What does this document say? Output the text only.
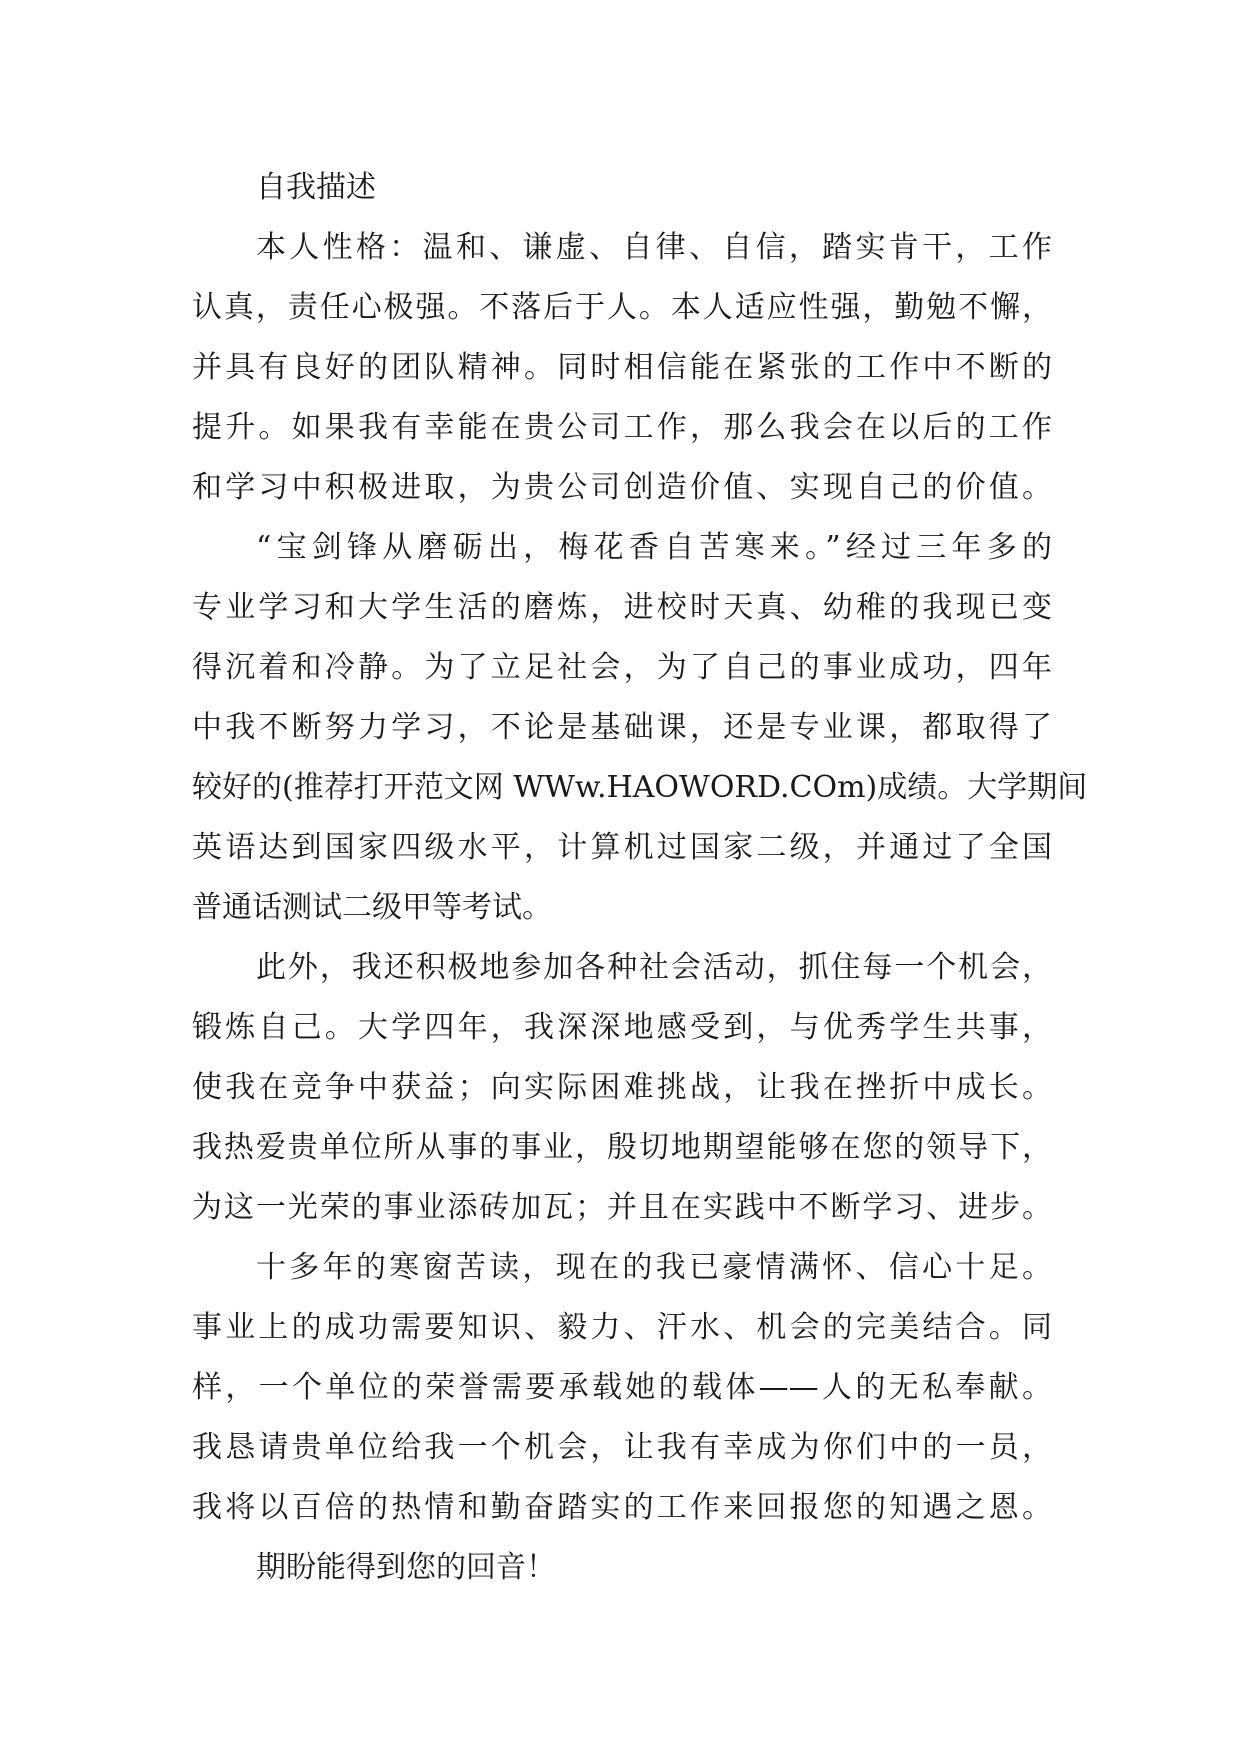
自我描述
本人性格：温和、谦虚、自律、自信，踏实肯干，工作
认真，责任心极强。不落后于人。本人适应性强，勤勉不懈，
并具有良好的团队精神。同时相信能在紧张的工作中不断的
提升。如果我有幸能在贵公司工作，那么我会在以后的工作
和学习中积极进取，为贵公司创造价值、实现自己的价值。
“宝剑锋从磨砺出，梅花香自苦寒来。”经过三年多的
专业学习和大学生活的磨炼，进校时天真、幼稚的我现已变
得沉着和冷静。为了立足社会，为了自己的事业成功，四年
中我不断努力学习，不论是基础课，还是专业课，都取得了
较好的(推荐打开范文网 WWw.HAOWORD.COm)成绩。大学期间
英语达到国家四级水平，计算机过国家二级，并通过了全国
普通话测试二级甲等考试。
此外，我还积极地参加各种社会活动，抓住每一个机会，
锻炼自己。大学四年，我深深地感受到，与优秀学生共事，
使我在竞争中获益；向实际困难挑战，让我在挫折中成长。
我热爱贵单位所从事的事业，殷切地期望能够在您的领导下，
为这一光荣的事业添砖加瓦；并且在实践中不断学习、进步。
十多年的寒窗苦读，现在的我已豪情满怀、信心十足。
事业上的成功需要知识、毅力、汗水、机会的完美结合。同
样，一个单位的荣誉需要承载她的载体——人的无私奉献。
我恳请贵单位给我一个机会，让我有幸成为你们中的一员，
我将以百倍的热情和勤奋踏实的工作来回报您的知遇之恩。
期盼能得到您的回音！
